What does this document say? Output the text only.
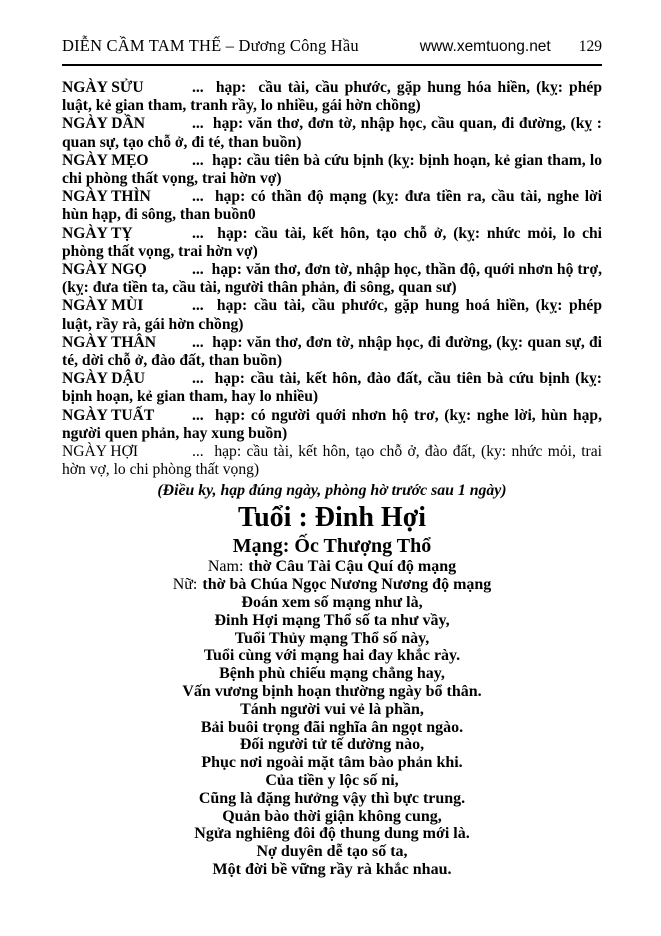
DIỄN CẦM TAM THẾ – Dương Công Hầu	www.xemtuong.net 129

NGÀY SỬU	...  hạp:  cầu tài, cầu phước, gặp hung hóa hiền, (kỵ: phép luật, kẻ gian tham, tranh rầy, lo nhiều, gái hờn chồng)

NGÀY DẦN	...  hạp: văn thơ, đơn tờ, nhập học, cầu quan, đi đường, (kỵ : quan sự, tạo chỗ ở, đi té, than buồn)

NGÀY MẸO	...  hạp: cầu tiên bà cứu bịnh (kỵ: bịnh hoạn, kẻ gian tham, lo chi phòng thất vọng, trai hờn vợ)

NGÀY THÌN	...  hạp: có thần độ mạng (kỵ: đưa tiền ra, cầu tài, nghe lời hùn hạp, đi sông, than buồn0

NGÀY TỴ	...  hạp: cầu tài, kết hôn, tạo chỗ ở, (kỵ: nhức mỏi, lo chi phòng thất vọng, trai hờn vợ)

NGÀY NGỌ	...  hạp: văn thơ, đơn tờ, nhập học, thần độ, quới nhơn hộ trợ, (kỵ: đưa tiền ta, cầu tài, người thân phản, đi sông, quan sư)

NGÀY MÙI	...  hạp: cầu tài, cầu phước, gặp hung hoá hiền, (kỵ: phép luật, rầy rà, gái hờn chồng)

NGÀY THÂN ...  hạp: văn thơ, đơn tờ, nhập học, đi đường, (kỵ: quan sự, đi té, dời chỗ ở, đào đất, than buồn)

NGÀY DẬU	...  hạp: cầu tài, kết hôn, đào đất, cầu tiên bà cứu bịnh (kỵ: bịnh hoạn, kẻ gian tham, hay lo nhiều)

NGÀY TUẤT ...  hạp: có người quới nhơn hộ trơ, (kỵ: nghe lời, hùn hạp, người quen phản, hay xung buồn)

NGÀY HỢI	...  hạp: cầu tài, kết hôn, tạo chỗ ở, đào đất, (ky: nhức mỏi, trai hờn vợ, lo chi phòng thất vọng)

(Điều ky, hạp đúng ngày, phòng hờ trước sau 1 ngày)
Tuổi : Đinh Hợi
Mạng: Ốc Thượng Thổ
Nam: thờ Câu Tài Cậu Quí độ mạng
Nữ: thờ bà Chúa Ngọc Nương Nương độ mạng
Đoán xem số mạng như là,
Đinh Hợi mạng Thổ số ta như vầy,
Tuổi Thủy mạng Thổ số này,
Tuổi cùng với mạng hai đay khắc rày.
Bệnh phù chiếu mạng chẳng hay,
Vấn vương bịnh hoạn thường ngày bổ thân.
Tánh người vui vẻ là phần,
Bải buôi trọng đãi nghĩa ân ngọt ngào.
Đối người tử tế dường nào,
Phục nơi ngoài mặt tâm bào phản khi.
Của tiền y lộc số ni,
Cũng là đặng hưởng vậy thì bực trung.
Quản bào thời giận không cung,
Ngửa nghiêng đôi độ thung dung mới là.
Nợ duyên dễ tạo số ta,
Một đời bề vững rầy rà khắc nhau.
